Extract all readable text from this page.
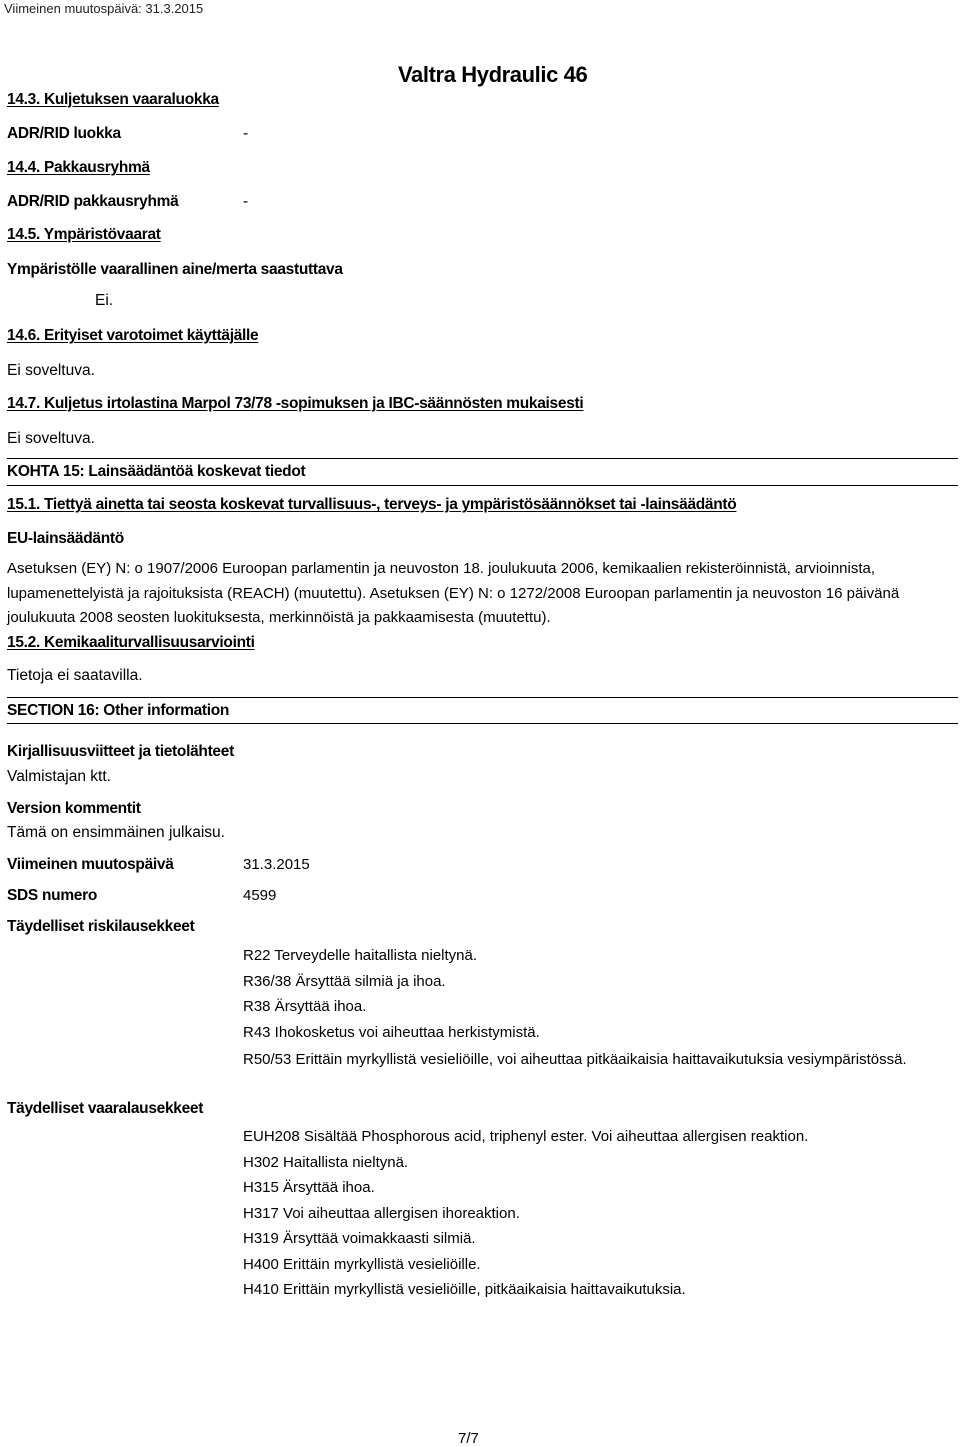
Viimeinen muutospäivä: 31.3.2015
Valtra Hydraulic 46
14.3. Kuljetuksen vaaraluokka
ADR/RID luokka	-
14.4. Pakkausryhmä
ADR/RID pakkausryhmä	-
14.5. Ympäristövaarat
Ympäristölle vaarallinen aine/merta saastuttava
Ei.
14.6. Erityiset varotoimet käyttäjälle
Ei soveltuva.
14.7. Kuljetus irtolastina Marpol 73/78 -sopimuksen ja IBC-säännösten mukaisesti
Ei soveltuva.
KOHTA 15: Lainsäädäntöä koskevat tiedot
15.1. Tiettyä ainetta tai seosta koskevat turvallisuus-, terveys- ja ympäristösäännökset tai -lainsäädäntö
EU-lainsäädäntö
Asetuksen (EY) N: o 1907/2006 Euroopan parlamentin ja neuvoston 18. joulukuuta 2006, kemikaalien rekisteröinnistä, arvioinnista, lupamenettelyistä ja rajoituksista (REACH) (muutettu). Asetuksen (EY) N: o 1272/2008 Euroopan parlamentin ja neuvoston 16 päivänä joulukuuta 2008 seosten luokituksesta, merkinnöistä ja pakkaamisesta (muutettu).
15.2. Kemikaaliturvallisuusarviointi
Tietoja ei saatavilla.
SECTION 16: Other information
Kirjallisuusviitteet ja tietolähteet
Valmistajan ktt.
Version kommentit
Tämä on ensimmäinen julkaisu.
Viimeinen muutospäivä	31.3.2015
SDS numero	4599
Täydelliset riskilausekkeet
R22 Terveydelle haitallista nieltynä.
R36/38 Ärsyttää silmiä ja ihoa.
R38 Ärsyttää ihoa.
R43 Ihokosketus voi aiheuttaa herkistymistä.
R50/53 Erittäin myrkyllistä vesieliöille, voi aiheuttaa pitkäaikaisia haittavaikutuksia vesiympäristössä.
Täydelliset vaaralausekkeet
EUH208 Sisältää Phosphorous acid, triphenyl ester. Voi aiheuttaa allergisen reaktion.
H302 Haitallista nieltynä.
H315 Ärsyttää ihoa.
H317 Voi aiheuttaa allergisen ihoreaktion.
H319 Ärsyttää voimakkaasti silmiä.
H400 Erittäin myrkyllistä vesieliöille.
H410 Erittäin myrkyllistä vesieliöille, pitkäaikaisia haittavaikutuksia.
7/7
